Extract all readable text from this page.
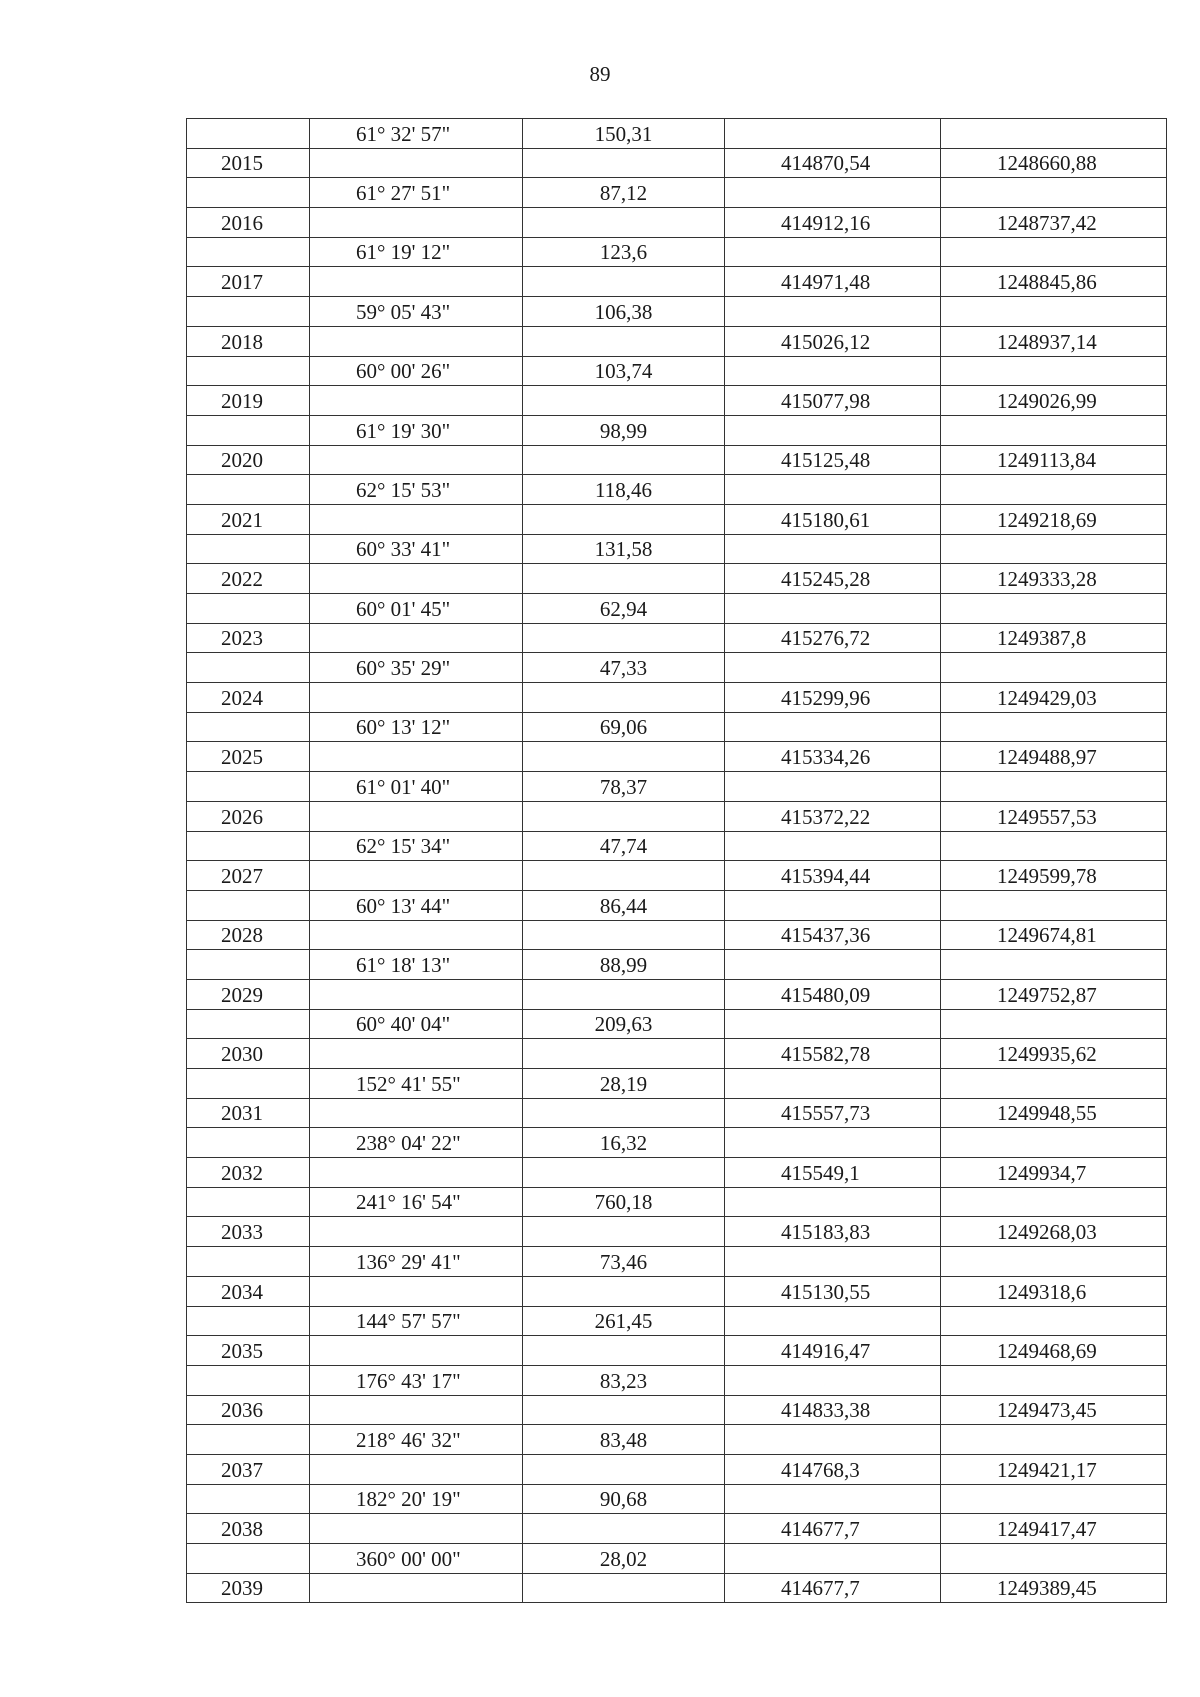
89
	61° 32' 57"	150,31		
2015			414870,54	1248660,88
	61° 27' 51"	87,12		
2016			414912,16	1248737,42
	61° 19' 12"	123,6		
2017			414971,48	1248845,86
	59° 05' 43"	106,38		
2018			415026,12	1248937,14
	60° 00' 26"	103,74		
2019			415077,98	1249026,99
	61° 19' 30"	98,99		
2020			415125,48	1249113,84
	62° 15' 53"	118,46		
2021			415180,61	1249218,69
	60° 33' 41"	131,58		
2022			415245,28	1249333,28
	60° 01' 45"	62,94		
2023			415276,72	1249387,8
	60° 35' 29"	47,33		
2024			415299,96	1249429,03
	60° 13' 12"	69,06		
2025			415334,26	1249488,97
	61° 01' 40"	78,37		
2026			415372,22	1249557,53
	62° 15' 34"	47,74		
2027			415394,44	1249599,78
	60° 13' 44"	86,44		
2028			415437,36	1249674,81
	61° 18' 13"	88,99		
2029			415480,09	1249752,87
	60° 40' 04"	209,63		
2030			415582,78	1249935,62
	152° 41' 55"	28,19		
2031			415557,73	1249948,55
	238° 04' 22"	16,32		
2032			415549,1	1249934,7
	241° 16' 54"	760,18		
2033			415183,83	1249268,03
	136° 29' 41"	73,46		
2034			415130,55	1249318,6
	144° 57' 57"	261,45		
2035			414916,47	1249468,69
	176° 43' 17"	83,23		
2036			414833,38	1249473,45
	218° 46' 32"	83,48		
2037			414768,3	1249421,17
	182° 20' 19"	90,68		
2038			414677,7	1249417,47
	360° 00' 00"	28,02		
2039			414677,7	1249389,45
